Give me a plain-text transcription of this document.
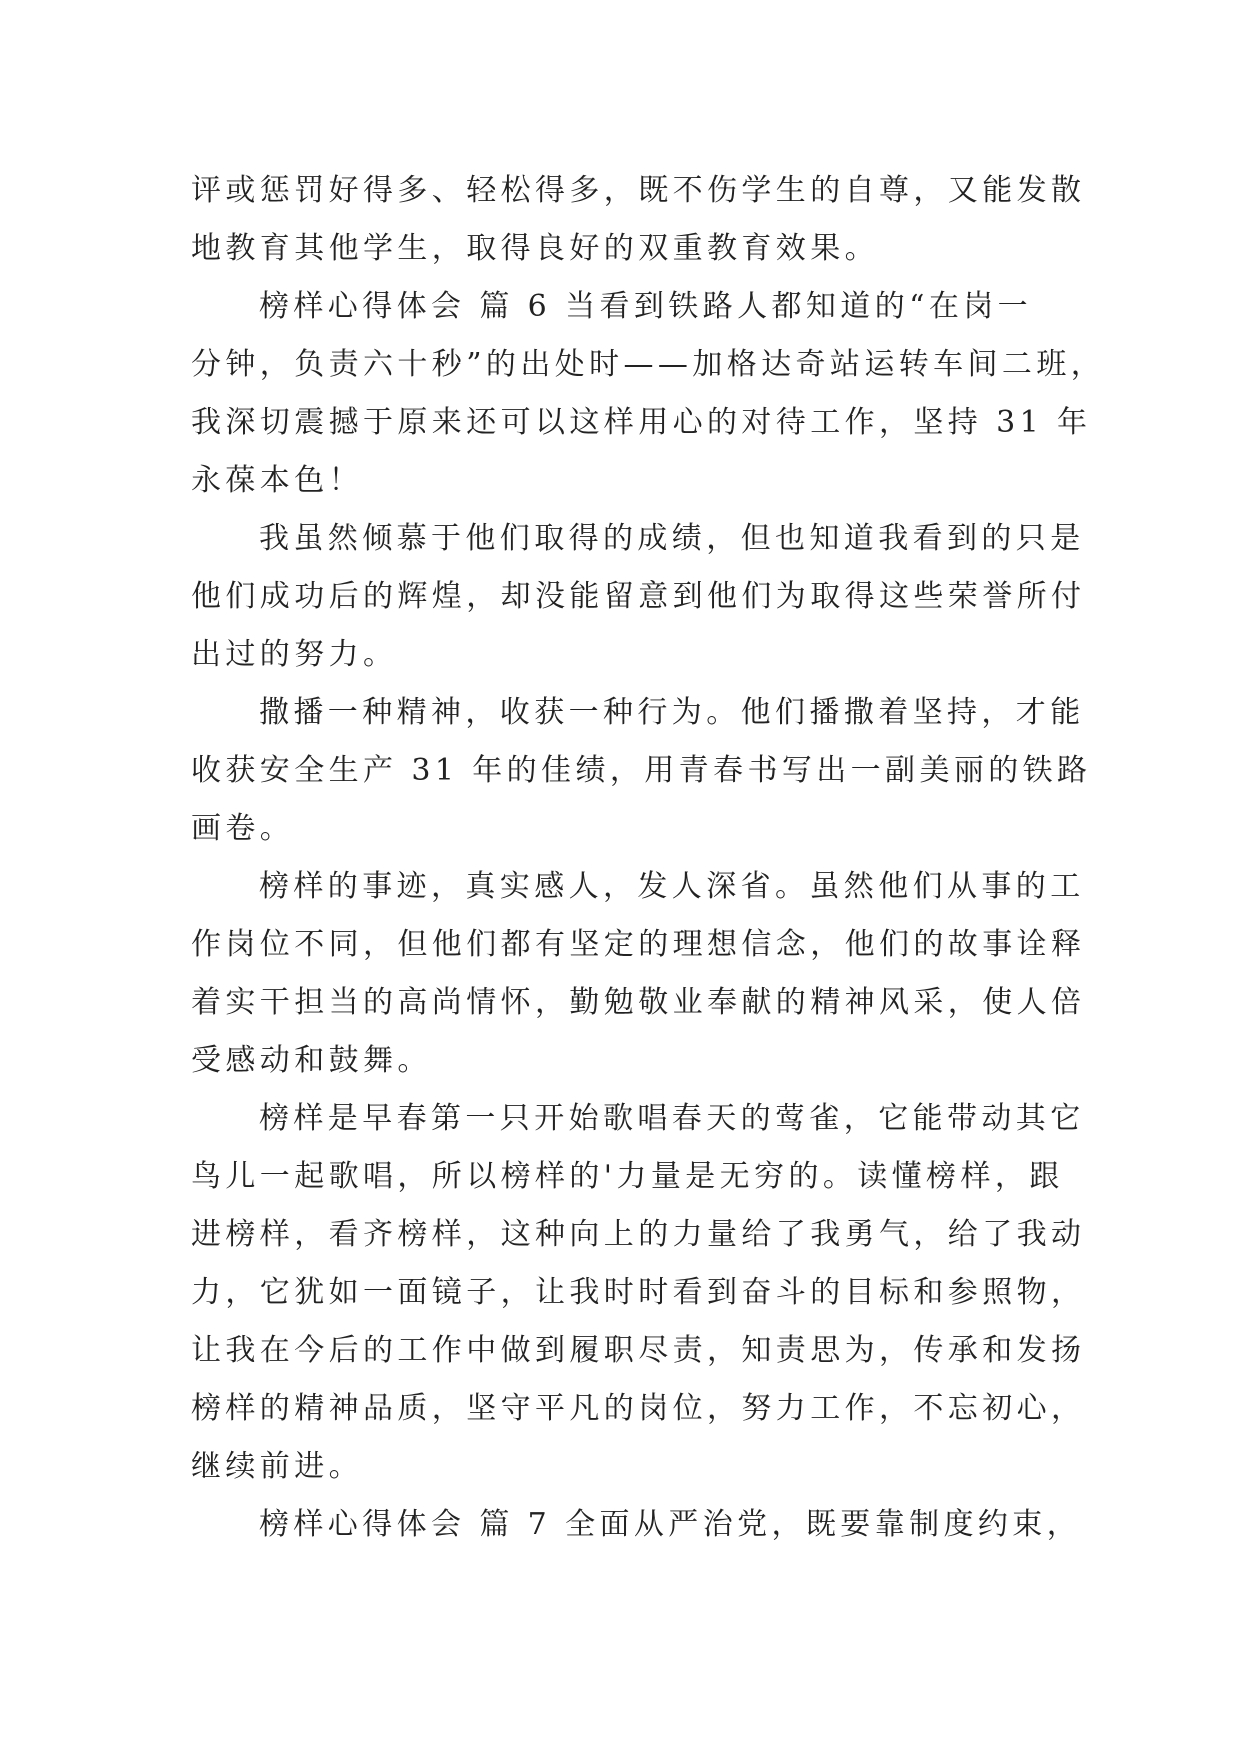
评或惩罚好得多、轻松得多，既不伤学生的自尊，又能发散
地教育其他学生，取得良好的双重教育效果。
榜样心得体会 篇 6 当看到铁路人都知道的“在岗一
分钟，负责六十秒”的出处时——加格达奇站运转车间二班，
我深切震撼于原来还可以这样用心的对待工作，坚持 31 年
永葆本色！
我虽然倾慕于他们取得的成绩，但也知道我看到的只是
他们成功后的辉煌，却没能留意到他们为取得这些荣誉所付
出过的努力。
撒播一种精神，收获一种行为。他们播撒着坚持，才能
收获安全生产 31 年的佳绩，用青春书写出一副美丽的铁路
画卷。
榜样的事迹，真实感人，发人深省。虽然他们从事的工
作岗位不同，但他们都有坚定的理想信念，他们的故事诠释
着实干担当的高尚情怀，勤勉敬业奉献的精神风采，使人倍
受感动和鼓舞。
榜样是早春第一只开始歌唱春天的莺雀，它能带动其它
鸟儿一起歌唱，所以榜样的'力量是无穷的。读懂榜样，跟
进榜样，看齐榜样，这种向上的力量给了我勇气，给了我动
力，它犹如一面镜子，让我时时看到奋斗的目标和参照物，
让我在今后的工作中做到履职尽责，知责思为，传承和发扬
榜样的精神品质，坚守平凡的岗位，努力工作，不忘初心，
继续前进。
榜样心得体会 篇 7 全面从严治党，既要靠制度约束，
